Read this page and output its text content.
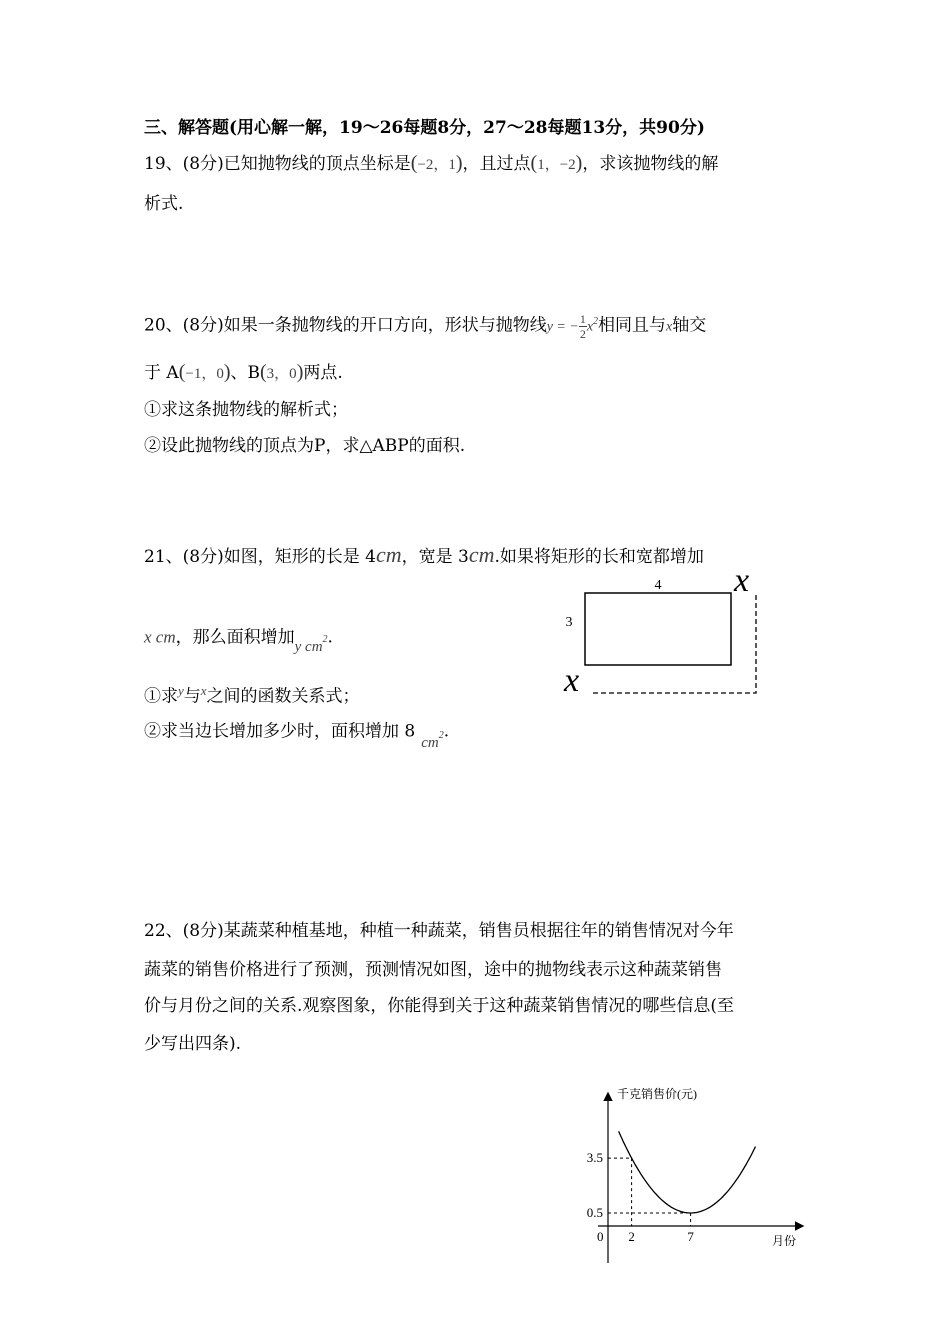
三、解答题(用心解一解，19～26每题8分，27～28每题13分，共90分)
19、(8分)已知抛物线的顶点坐标是(−2，1)，且过点(1，−2)，求该抛物线的解
析式.
20、(8分)如果一条抛物线的开口方向，形状与抛物线y = − $\frac{1}{2} x^2$相同且与x轴交
于 A(−1，0)、B(3，0)两点.
①求这条抛物线的解析式；
②设此抛物线的顶点为P，求△ABP的面积.
21、(8分)如图，矩形的长是 4cm，宽是 3cm.如果将矩形的长和宽都增加
x cm，那么面积增加y $cm^2$.
①求$^y$与$^x$之间的函数关系式；
②求当边长增加多少时，面积增加 $8cm^2$.
4
3
x
x
22、(8分)某蔬菜种植基地，种植一种蔬菜，销售员根据往年的销售情况对今年
蔬菜的销售价格进行了预测，预测情况如图，途中的抛物线表示这种蔬菜销售
价与月份之间的关系.观察图象，你能得到关于这种蔬菜销售情况的哪些信息(至
少写出四条).
千克销售价(元)
月份
0
0.5
3.5
2	7
